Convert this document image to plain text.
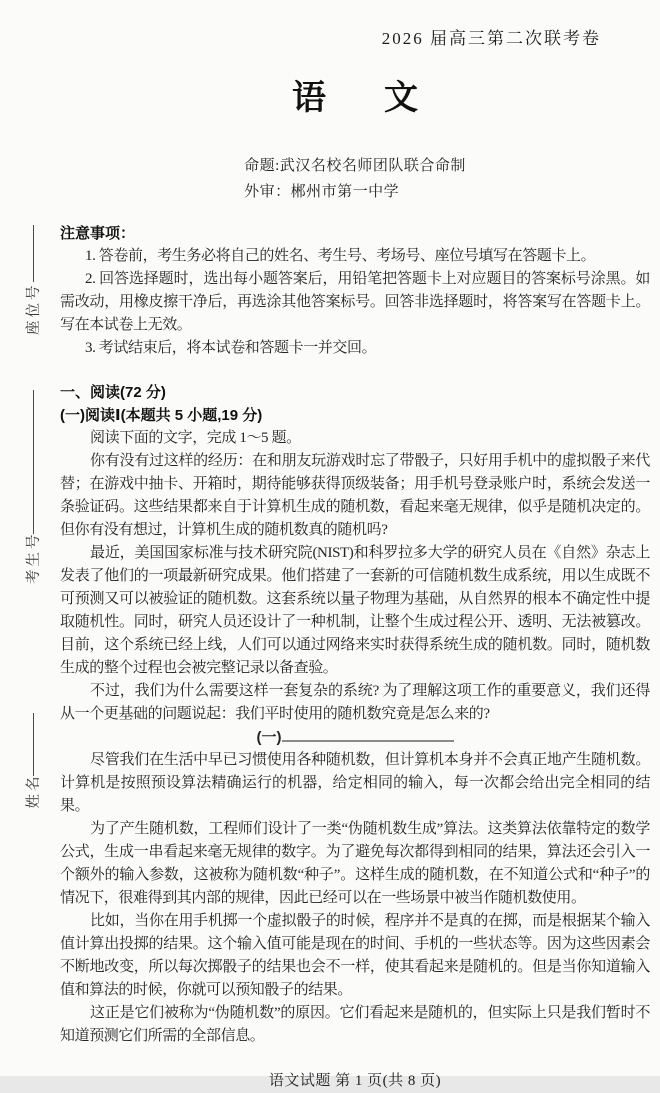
座位号
考生号
姓名
2026 届高三第二次联考卷
语 文
命题:武汉名校名师团队联合命制
外审：郴州市第一中学
注意事项：

1. 答卷前，考生务必将自己的姓名、考生号、考场号、座位号填写在答题卡上。

2. 回答选择题时，选出每小题答案后，用铅笔把答题卡上对应题目的答案标号涂黑。如需改动，用橡皮擦干净后，再选涂其他答案标号。回答非选择题时，将答案写在答题卡上。写在本试卷上无效。

3. 考试结束后，将本试卷和答题卡一并交回。

一、阅读(72 分)
(一)阅读Ⅰ(本题共 5 小题,19 分)

阅读下面的文字，完成 1～5 题。

你有没有过这样的经历：在和朋友玩游戏时忘了带骰子，只好用手机中的虚拟骰子来代替；在游戏中抽卡、开箱时，期待能够获得顶级装备；用手机号登录账户时，系统会发送一条验证码。这些结果都来自于计算机生成的随机数，看起来毫无规律，似乎是随机决定的。但你有没有想过，计算机生成的随机数真的随机吗?

最近，美国国家标准与技术研究院(NIST)和科罗拉多大学的研究人员在《自然》杂志上发表了他们的一项最新研究成果。他们搭建了一套新的可信随机数生成系统，用以生成既不可预测又可以被验证的随机数。这套系统以量子物理为基础，从自然界的根本不确定性中提取随机性。同时，研究人员还设计了一种机制，让整个生成过程公开、透明、无法被篡改。目前，这个系统已经上线，人们可以通过网络来实时获得系统生成的随机数。同时，随机数生成的整个过程也会被完整记录以备查验。

不过，我们为什么需要这样一套复杂的系统? 为了理解这项工作的重要意义，我们还得从一个更基础的问题说起：我们平时使用的随机数究竟是怎么来的?

(一)

尽管我们在生活中早已习惯使用各种随机数，但计算机本身并不会真正地产生随机数。计算机是按照预设算法精确运行的机器，给定相同的输入，每一次都会给出完全相同的结果。

为了产生随机数，工程师们设计了一类“伪随机数生成”算法。这类算法依靠特定的数学公式，生成一串看起来毫无规律的数字。为了避免每次都得到相同的结果，算法还会引入一个额外的输入参数，这被称为随机数“种子”。这样生成的随机数，在不知道公式和“种子”的情况下，很难得到其内部的规律，因此已经可以在一些场景中被当作随机数使用。

比如，当你在用手机掷一个虚拟骰子的时候，程序并不是真的在掷，而是根据某个输入值计算出投掷的结果。这个输入值可能是现在的时间、手机的一些状态等。因为这些因素会不断地改变，所以每次掷骰子的结果也会不一样，使其看起来是随机的。但是当你知道输入值和算法的时候，你就可以预知骰子的结果。

这正是它们被称为“伪随机数”的原因。它们看起来是随机的，但实际上只是我们暂时不知道预测它们所需的全部信息。

语文试题 第 1 页(共 8 页)
